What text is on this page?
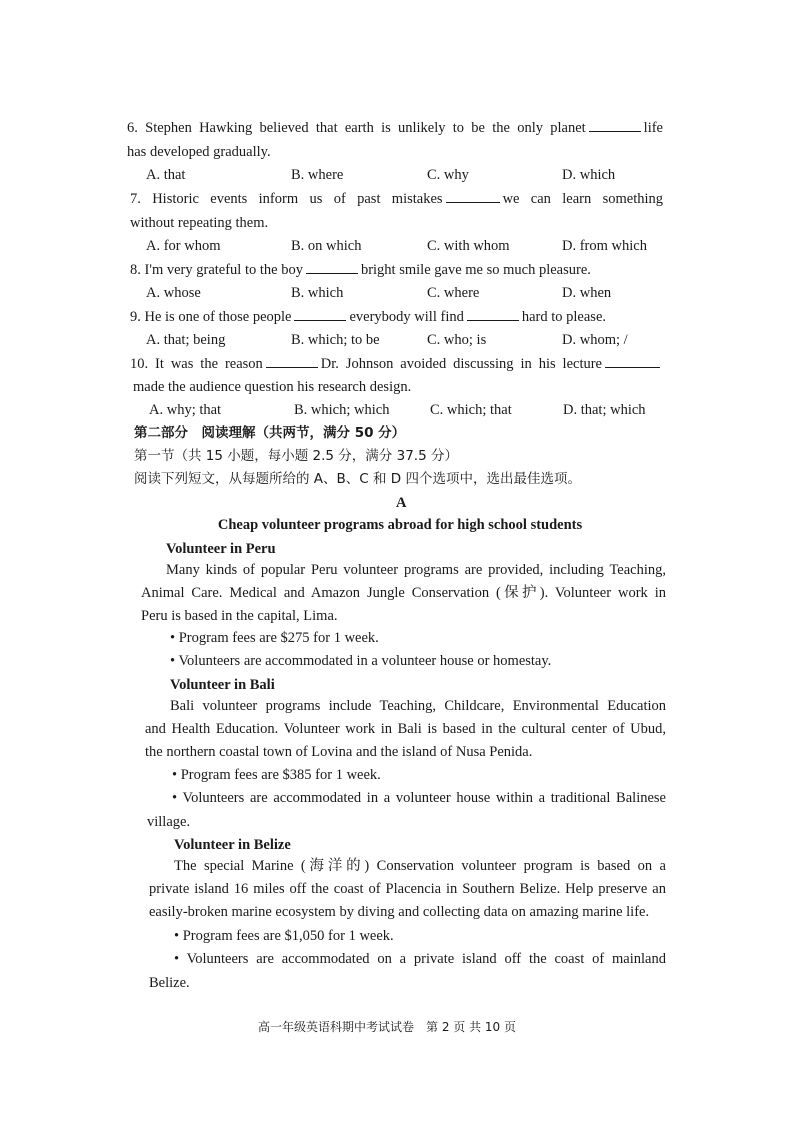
6. Stephen Hawking believed that earth is unlikely to be the only planet	life
has developed gradually.
A. that	B. where	C. why	D. which
7. Historic events inform us of past mistakes	we can learn something
without repeating them.
A. for whom	B. on which	C. with whom	D. from which
8. I'm very grateful to the boy	bright smile gave me so much pleasure.
A. whose	B. which	C. where	D. when
9. He is one of those people	everybody will find	hard to please.
A. that; being	B. which; to be	C. who; is	D. whom; /
10. It was the reason	Dr. Johnson avoided discussing in his lecture
made the audience question his research design.
A. why; that	B. which; which	C. which; that	D. that; which
第二部分　阅读理解（共两节，满分 50 分）
第一节（共 15 小题，每小题 2.5 分，满分 37.5 分）
阅读下列短文，从每题所给的 A、B、C 和 D 四个选项中，选出最佳选项。
A
Cheap volunteer programs abroad for high school students
Volunteer in Peru
Many kinds of popular Peru volunteer programs are provided, including Teaching,
Animal Care. Medical and Amazon Jungle Conservation (保护). Volunteer work in
Peru is based in the capital, Lima.
• Program fees are $275 for 1 week.
• Volunteers are accommodated in a volunteer house or homestay.
Volunteer in Bali
Bali volunteer programs include Teaching, Childcare, Environmental Education
and Health Education. Volunteer work in Bali is based in the cultural center of Ubud,
the northern coastal town of Lovina and the island of Nusa Penida.
• Program fees are $385 for 1 week.
• Volunteers are accommodated in a volunteer house within a traditional Balinese
village.
Volunteer in Belize
The special Marine (海洋的) Conservation volunteer program is based on a
private island 16 miles off the coast of Placencia in Southern Belize. Help preserve an
easily-broken marine ecosystem by diving and collecting data on amazing marine life.
• Program fees are $1,050 for 1 week.
• Volunteers are accommodated on a private island off the coast of mainland
Belize.
高一年级英语科期中考试试卷　第 2 页 共 10 页
